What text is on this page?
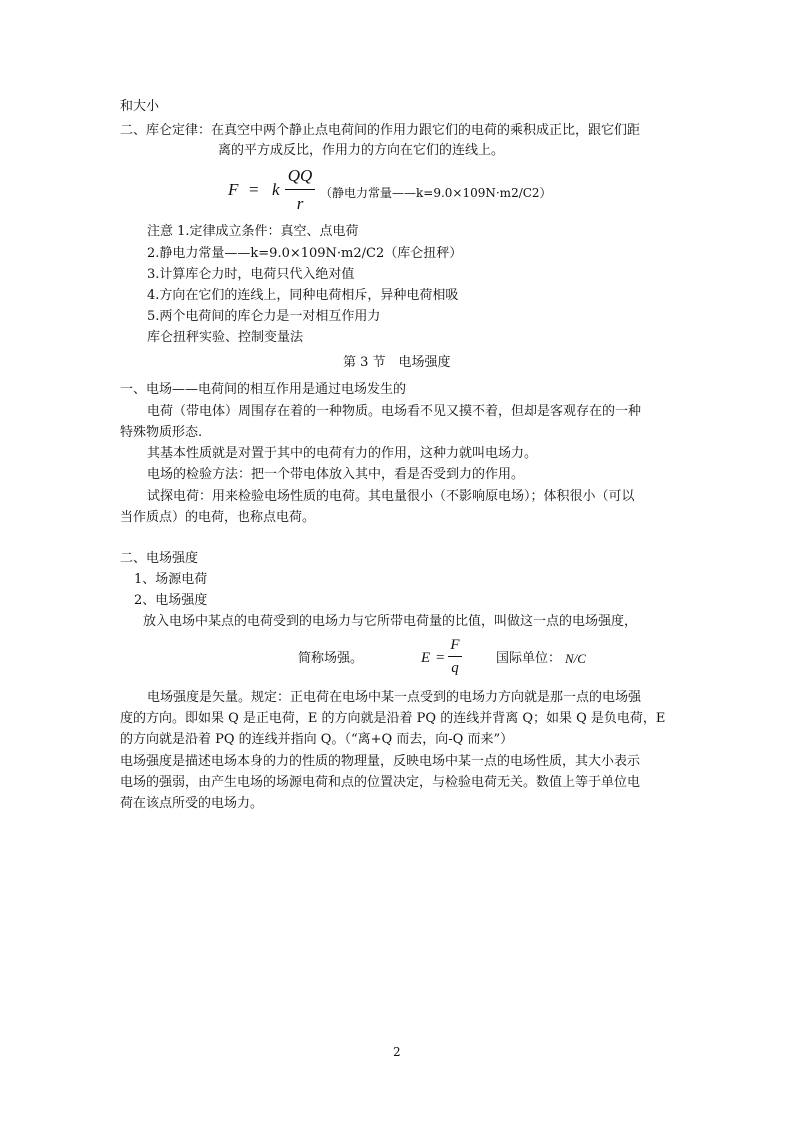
和大小
二、库仑定律：在真空中两个静止点电荷间的作用力跟它们的电荷的乘积成正比，跟它们距
离的平方成反比，作用力的方向在它们的连线上。
F = k
QQ
r
（静电力常量——k=9.0×109N·m2/C2）
注意 1.定律成立条件：真空、点电荷
2.静电力常量——k=9.0×109N·m2/C2（库仑扭秤）
3.计算库仑力时，电荷只代入绝对值
4.方向在它们的连线上，同种电荷相斥，异种电荷相吸
5.两个电荷间的库仑力是一对相互作用力
库仑扭秤实验、控制变量法
第 3 节　电场强度
一、电场——电荷间的相互作用是通过电场发生的
电荷（带电体）周围存在着的一种物质。电场看不见又摸不着，但却是客观存在的一种
特殊物质形态.
其基本性质就是对置于其中的电荷有力的作用，这种力就叫电场力。
电场的检验方法：把一个带电体放入其中，看是否受到力的作用。
试探电荷：用来检验电场性质的电荷。其电量很小（不影响原电场）；体积很小（可以
当作质点）的电荷，也称点电荷。
二、电场强度
1、场源电荷
2、电场强度
放入电场中某点的电荷受到的电场力与它所带电荷量的比值，叫做这一点的电场强度，
简称场强。	E =
F
q
国际单位： N/C
电场强度是矢量。规定：正电荷在电场中某一点受到的电场力方向就是那一点的电场强
度的方向。即如果 Q 是正电荷，E 的方向就是沿着 PQ 的连线并背离 Q；如果 Q 是负电荷，E
的方向就是沿着 PQ 的连线并指向 Q。（“离+Q 而去，向-Q 而来”）
电场强度是描述电场本身的力的性质的物理量，反映电场中某一点的电场性质，其大小表示
电场的强弱，由产生电场的场源电荷和点的位置决定，与检验电荷无关。数值上等于单位电
荷在该点所受的电场力。
2
